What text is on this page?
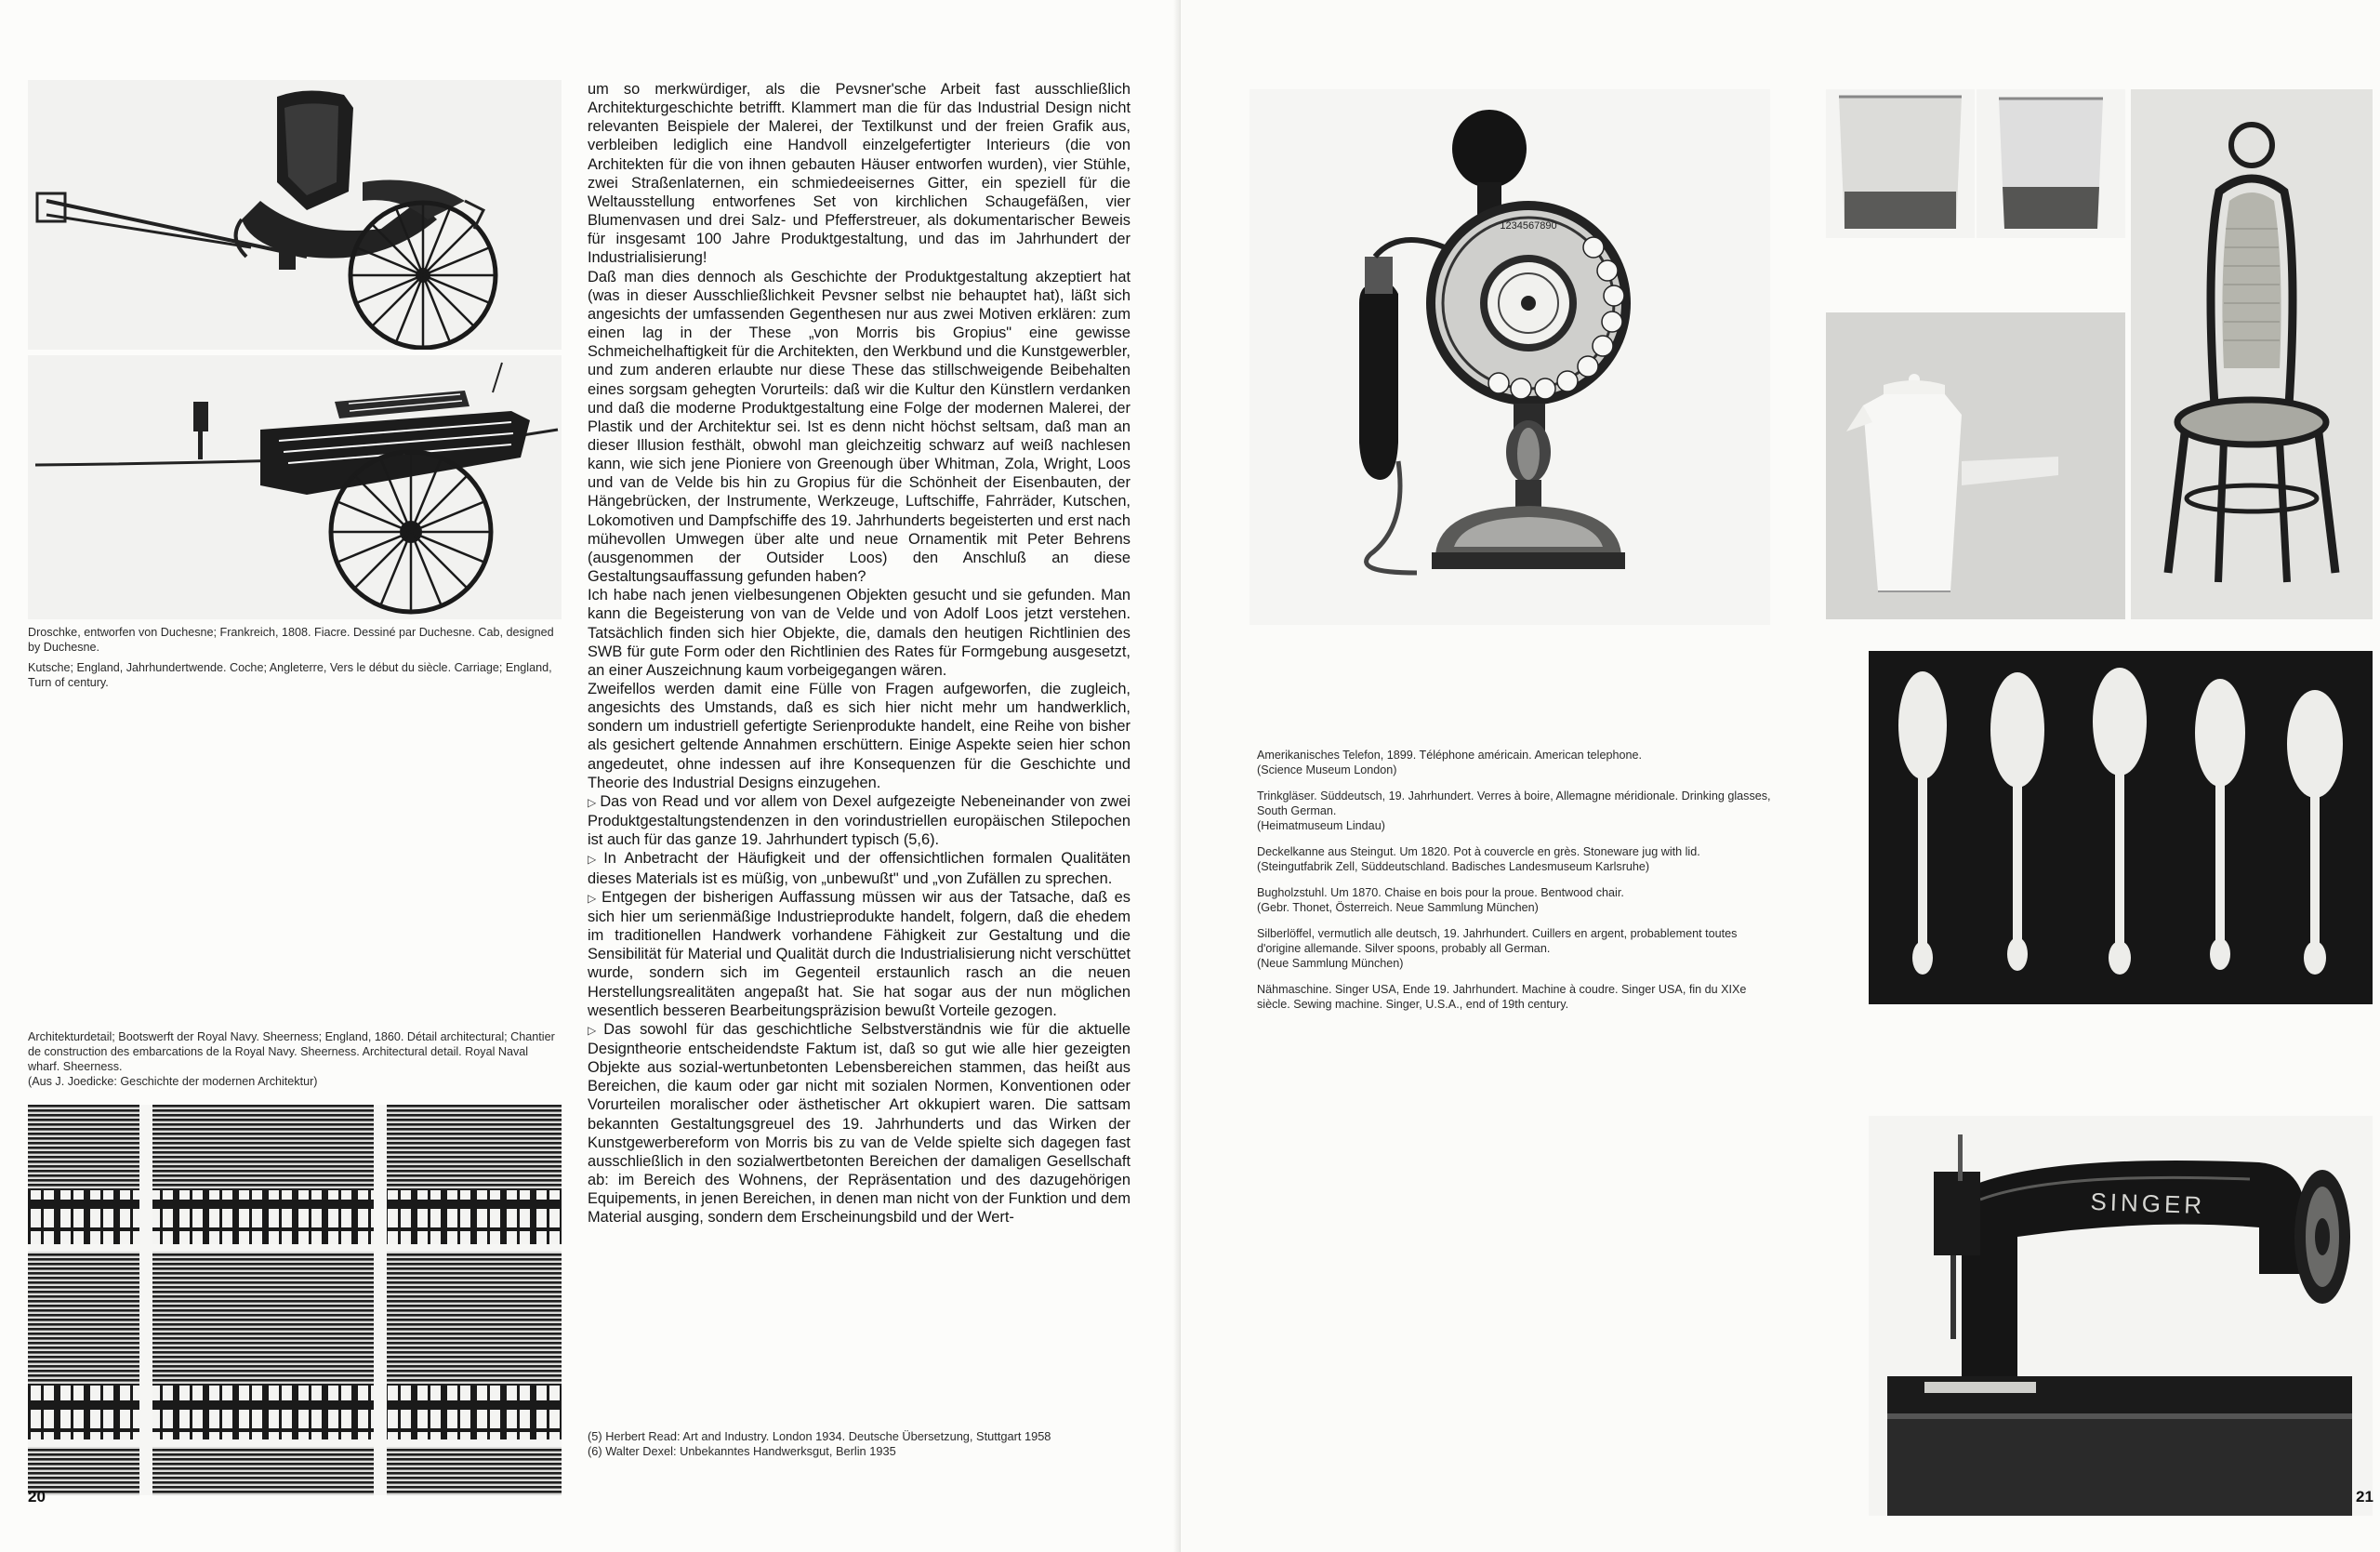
Droschke, entworfen von Duchesne; Frankreich, 1808. Fiacre. Dessiné par Duchesne. Cab, designed by Duchesne.

Kutsche; England, Jahrhundertwende. Coche; Angleterre, Vers le début du siècle. Carriage; England, Turn of century.

Architekturdetail; Bootswerft der Royal Navy. Sheerness; England, 1860. Détail architectural; Chantier de construction des embarcations de la Royal Navy. Sheerness. Architectural detail. Royal Naval wharf. Sheerness.

(Aus J. Joedicke: Geschichte der modernen Architektur)

um so merkwürdiger, als die Pevsner'sche Arbeit fast ausschließlich Architekturgeschichte betrifft. Klammert man die für das Industrial Design nicht relevanten Beispiele der Malerei, der Textilkunst und der freien Grafik aus, verbleiben lediglich eine Handvoll einzelgefertigter Interieurs (die von Architekten für die von ihnen gebauten Häuser entworfen wurden), vier Stühle, zwei Straßenlaternen, ein schmiedeeisernes Gitter, ein speziell für die Weltausstellung entworfenes Set von kirchlichen Schaugefäßen, vier Blumenvasen und drei Salz- und Pfefferstreuer, als dokumentarischer Beweis für insgesamt 100 Jahre Produktgestaltung, und das im Jahrhundert der Industrialisierung!

Daß man dies dennoch als Geschichte der Produktgestaltung akzeptiert hat (was in dieser Ausschließlichkeit Pevsner selbst nie behauptet hat), läßt sich angesichts der umfassenden Gegenthesen nur aus zwei Motiven erklären: zum einen lag in der These „von Morris bis Gropius" eine gewisse Schmeichelhaftigkeit für die Architekten, den Werkbund und die Kunstgewerbler, und zum anderen erlaubte nur diese These das stillschweigende Beibehalten eines sorgsam gehegten Vorurteils: daß wir die Kultur den Künstlern verdanken und daß die moderne Produktgestaltung eine Folge der modernen Malerei, der Plastik und der Architektur sei. Ist es denn nicht höchst seltsam, daß man an dieser Illusion festhält, obwohl man gleichzeitig schwarz auf weiß nachlesen kann, wie sich jene Pioniere von Greenough über Whitman, Zola, Wright, Loos und van de Velde bis hin zu Gropius für die Schönheit der Eisenbauten, der Hängebrücken, der Instrumente, Werkzeuge, Luftschiffe, Fahrräder, Kutschen, Lokomotiven und Dampfschiffe des 19. Jahrhunderts begeisterten und erst nach mühevollen Umwegen über alte und neue Ornamentik mit Peter Behrens (ausgenommen der Outsider Loos) den Anschluß an diese Gestaltungsauffassung gefunden haben?

Ich habe nach jenen vielbesungenen Objekten gesucht und sie gefunden. Man kann die Begeisterung von van de Velde und von Adolf Loos jetzt verstehen. Tatsächlich finden sich hier Objekte, die, damals den heutigen Richtlinien des SWB für gute Form oder den Richtlinien des Rates für Formgebung ausgesetzt, an einer Auszeichnung kaum vorbeigegangen wären.

Zweifellos werden damit eine Fülle von Fragen aufgeworfen, die zugleich, angesichts des Umstands, daß es sich hier nicht mehr um handwerklich, sondern um industriell gefertigte Serienprodukte handelt, eine Reihe von bisher als gesichert geltende Annahmen erschüttern. Einige Aspekte seien hier schon angedeutet, ohne indessen auf ihre Konsequenzen für die Geschichte und Theorie des Industrial Designs einzugehen.

▷ Das von Read und vor allem von Dexel aufgezeigte Nebeneinander von zwei Produktgestaltungstendenzen in den vorindustriellen europäischen Stilepochen ist auch für das ganze 19. Jahrhundert typisch (5,6).

▷ In Anbetracht der Häufigkeit und der offensichtlichen formalen Qualitäten dieses Materials ist es müßig, von „unbewußt" und „von Zufällen zu sprechen.

▷ Entgegen der bisherigen Auffassung müssen wir aus der Tatsache, daß es sich hier um serienmäßige Industrieprodukte handelt, folgern, daß die ehedem im traditionellen Handwerk vorhandene Fähigkeit zur Gestaltung und die Sensibilität für Material und Qualität durch die Industrialisierung nicht verschüttet wurde, sondern sich im Gegenteil erstaunlich rasch an die neuen Herstellungsrealitäten angepaßt hat. Sie hat sogar aus der nun möglichen wesentlich besseren Bearbeitungspräzision bewußt Vorteile gezogen.

▷ Das sowohl für das geschichtliche Selbstverständnis wie für die aktuelle Designtheorie entscheidendste Faktum ist, daß so gut wie alle hier gezeigten Objekte aus sozial-wertunbetonten Lebensbereichen stammen, das heißt aus Bereichen, die kaum oder gar nicht mit sozialen Normen, Konventionen oder Vorurteilen moralischer oder ästhetischer Art okkupiert waren. Die sattsam bekannten Gestaltungsgreuel des 19. Jahrhunderts und das Wirken der Kunstgewerbereform von Morris bis zu van de Velde spielte sich dagegen fast ausschließlich in den sozialwertbetonten Bereichen der damaligen Gesellschaft ab: im Bereich des Wohnens, der Repräsentation und des dazugehörigen Equipements, in jenen Bereichen, in denen man nicht von der Funktion und dem Material ausging, sondern dem Erscheinungsbild und der Wert-

(5) Herbert Read: Art and Industry. London 1934. Deutsche Übersetzung, Stuttgart 1958
(6) Walter Dexel: Unbekanntes Handwerksgut, Berlin 1935
20
1234567890

Amerikanisches Telefon, 1899. Téléphone américain. American telephone.
(Science Museum London)

Trinkgläser. Süddeutsch, 19. Jahrhundert. Verres à boire, Allemagne méridionale. Drinking glasses, South German.
(Heimatmuseum Lindau)

Deckelkanne aus Steingut. Um 1820. Pot à couvercle en grès. Stoneware jug with lid.
(Steingutfabrik Zell, Süddeutschland. Badisches Landesmuseum Karlsruhe)

Bugholzstuhl. Um 1870. Chaise en bois pour la proue. Bentwood chair.
(Gebr. Thonet, Österreich. Neue Sammlung München)

Silberlöffel, vermutlich alle deutsch, 19. Jahrhundert. Cuillers en argent, probablement toutes d'origine allemande. Silver spoons, probably all German.
(Neue Sammlung München)

Nähmaschine. Singer USA, Ende 19. Jahrhundert. Machine à coudre. Singer USA, fin du XIXe siècle. Sewing machine. Singer, U.S.A., end of 19th century.

SINGER
21
